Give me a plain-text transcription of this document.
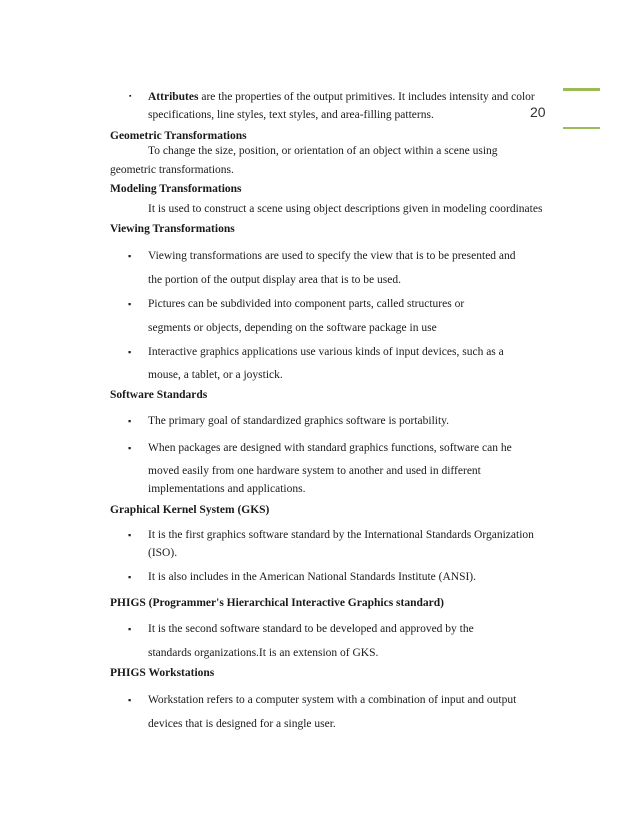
20
▪ Attributes are the properties of the output primitives. It includes intensity and color
specifications, line styles, text styles, and area-filling patterns.
Geometric Transformations
To change the size, position, or orientation of an object within a scene using
geometric transformations.
Modeling Transformations
It is used to construct a scene using object descriptions given in modeling coordinates
Viewing Transformations
▪ Viewing transformations are used to specify the view that is to be presented and
the portion of the output display area that is to be used.
▪ Pictures can be subdivided into component parts, called structures or
segments or objects, depending on the software package in use
▪ Interactive graphics applications use various kinds of input devices, such as a
mouse, a tablet, or a joystick.
Software Standards
▪ The primary goal of standardized graphics software is portability.
▪ When packages are designed with standard graphics functions, software can he
moved easily from one hardware system to another and used in different
implementations and applications.
Graphical Kernel System (GKS)
▪ It is the first graphics software standard by the International Standards Organization
(ISO).
▪ It is also includes in the American National Standards Institute (ANSI).
PHIGS (Programmer's Hierarchical Interactive Graphics standard)
▪ It is the second software standard to be developed and approved by the
standards organizations.It is an extension of GKS.
PHIGS Workstations
▪ Workstation refers to a computer system with a combination of input and output
devices that is designed for a single user.
